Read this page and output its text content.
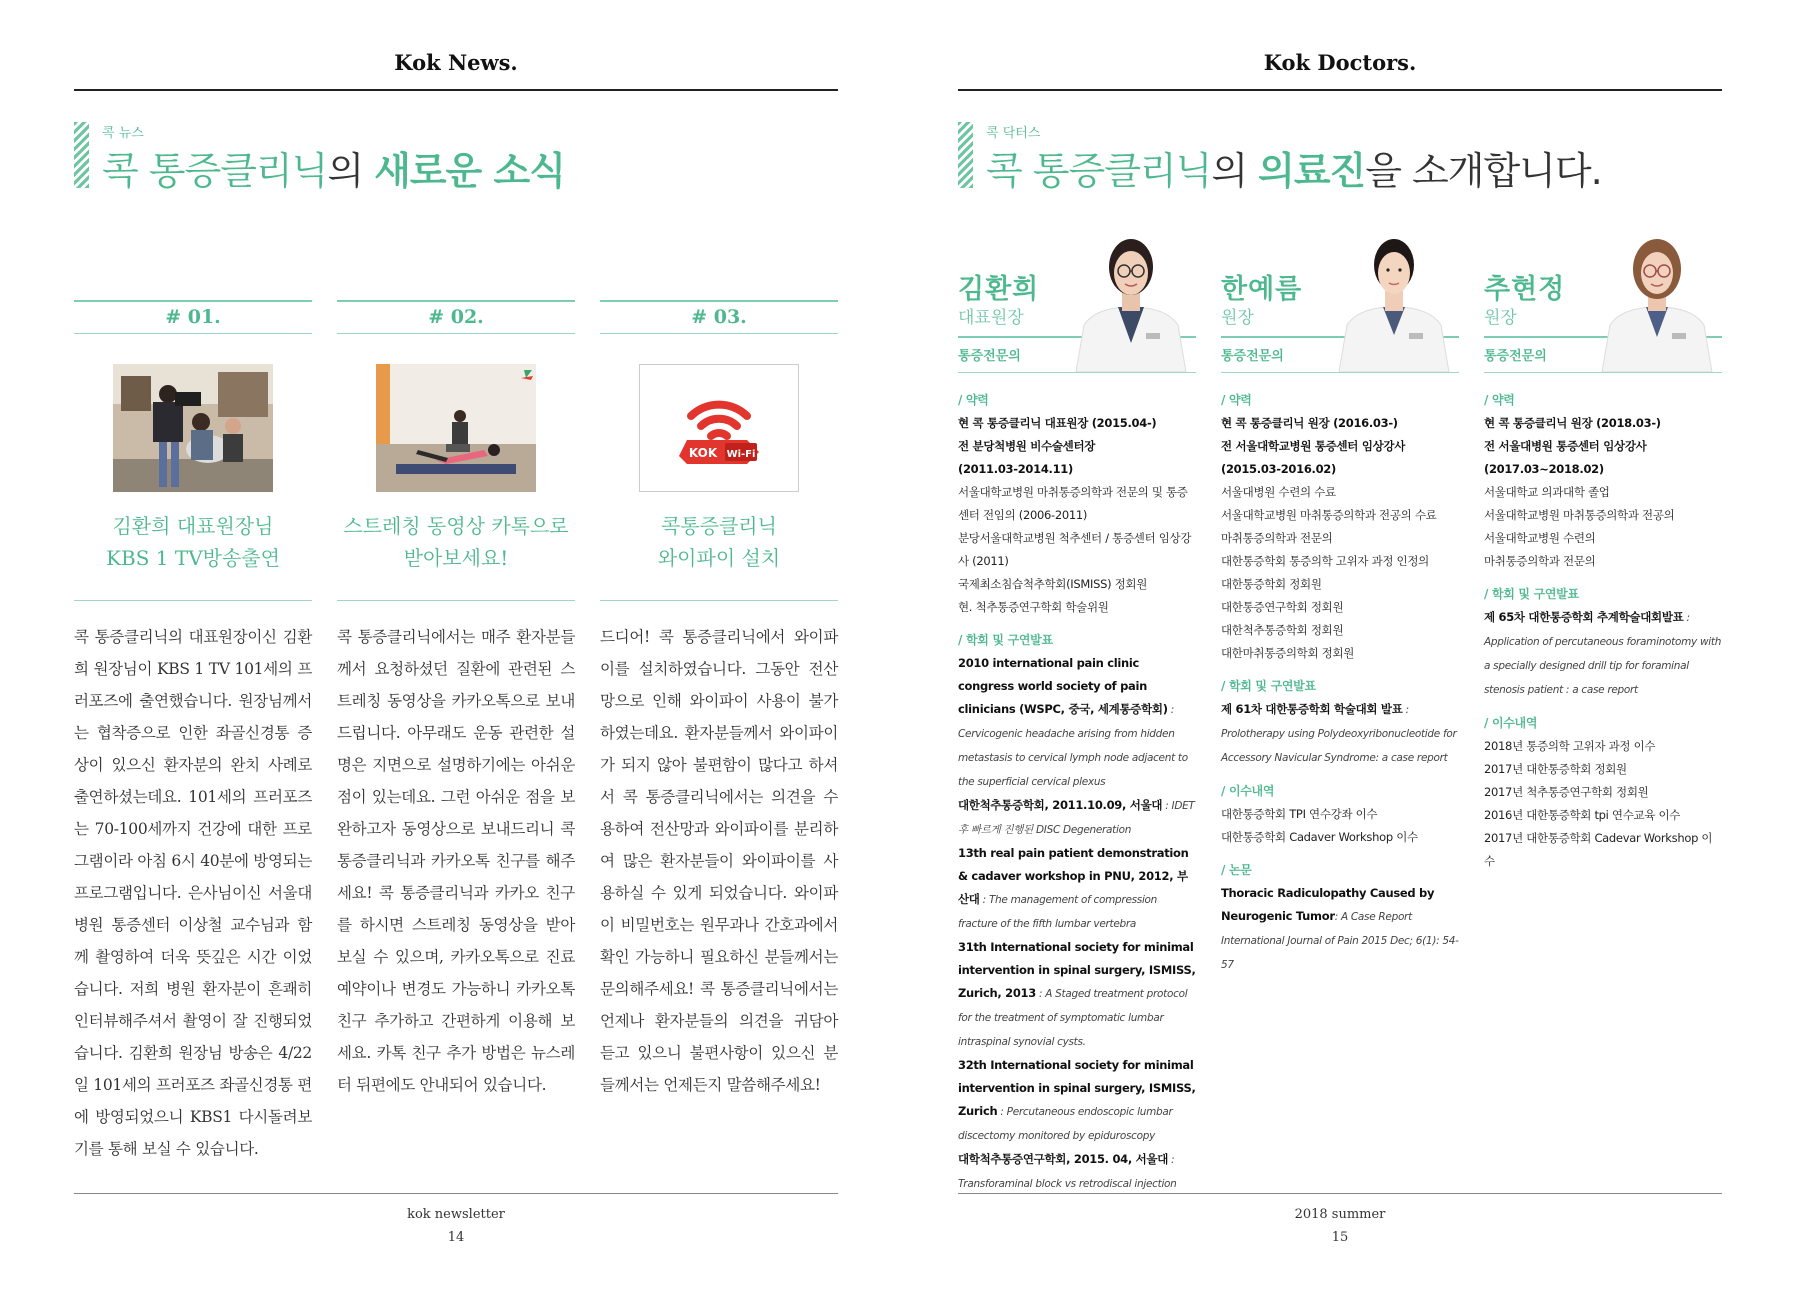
Kok News.
콕 뉴스
콕 통증클리닉의 새로운 소식
# 01.
김환희 대표원장님
KBS 1 TV방송출연
콕 통증클리닉의 대표원장이신 김환희 원장님이 KBS 1 TV 101세의 프러포즈에 출연했습니다. 원장님께서는 협착증으로 인한 좌골신경통 증상이 있으신 환자분의 완치 사례로 출연하셨는데요. 101세의 프러포즈는 70-100세까지 건강에 대한 프로그램이라 아침 6시 40분에 방영되는 프로그램입니다. 은사님이신 서울대병원 통증센터 이상철 교수님과 함께 촬영하여 더욱 뜻깊은 시간 이었습니다. 저희 병원 환자분이 흔쾌히 인터뷰해주셔서 촬영이 잘 진행되었습니다. 김환희 원장님 방송은 4/22일 101세의 프러포즈 좌골신경통 편에 방영되었으니 KBS1 다시돌려보기를 통해 보실 수 있습니다.
# 02.
스트레칭 동영상 카톡으로
받아보세요!
콕 통증클리닉에서는 매주 환자분들께서 요청하셨던 질환에 관련된 스트레칭 동영상을 카카오톡으로 보내드립니다. 아무래도 운동 관련한 설명은 지면으로 설명하기에는 아쉬운 점이 있는데요. 그런 아쉬운 점을 보완하고자 동영상으로 보내드리니 콕 통증클리닉과 카카오톡 친구를 해주세요! 콕 통증클리닉과 카카오 친구를 하시면 스트레칭 동영상을 받아보실 수 있으며, 카카오톡으로 진료 예약이나 변경도 가능하니 카카오톡 친구 추가하고 간편하게 이용해 보세요. 카톡 친구 추가 방법은 뉴스레터 뒤편에도 안내되어 있습니다.
# 03.
KOK Wi-Fi
콕통증클리닉
와이파이 설치
드디어! 콕 통증클리닉에서 와이파이를 설치하였습니다. 그동안 전산망으로 인해 와이파이 사용이 불가하였는데요. 환자분들께서 와이파이가 되지 않아 불편함이 많다고 하셔서 콕 통증클리닉에서는 의견을 수용하여 전산망과 와이파이를 분리하여 많은 환자분들이 와이파이를 사용하실 수 있게 되었습니다. 와이파이 비밀번호는 원무과나 간호과에서 확인 가능하니 필요하신 분들께서는 문의해주세요! 콕 통증클리닉에서는 언제나 환자분들의 의견을 귀담아 듣고 있으니 불편사항이 있으신 분들께서는 언제든지 말씀해주세요!
kok newsletter
14
Kok Doctors.
콕 닥터스
콕 통증클리닉의 의료진을 소개합니다.
김환희
대표원장
통증전문의
/ 약력
현 콕 통증클리닉 대표원장 (2015.04-)
전 분당척병원 비수술센터장
(2011.03-2014.11)
서울대학교병원 마취통증의학과 전문의 및 통증센터 전임의 (2006-2011)
분당서울대학교병원 척추센터 / 통증센터 임상강사 (2011)
국제최소침습척추학회(ISMISS) 정회원
현. 척추통증연구학회 학술위원
/ 학회 및 구연발표
2010 international pain clinic congress world society of pain clinicians (WSPC, 중국, 세계통증학회) : Cervicogenic headache arising from hidden metastasis to cervical lymph node adjacent to the superficial cervical plexus
대한척추통증학회, 2011.10.09, 서울대 : IDET 후 빠르게 진행된 DISC Degeneration
13th real pain patient demonstration & cadaver workshop in PNU, 2012, 부산대 : The management of compression fracture of the fifth lumbar vertebra
31th International society for minimal intervention in spinal surgery, ISMISS, Zurich, 2013 : A Staged treatment protocol for the treatment of symptomatic lumbar intraspinal synovial cysts.
32th International society for minimal intervention in spinal surgery, ISMISS, Zurich : Percutaneous endoscopic lumbar discectomy monitored by epiduroscopy
대학척추통증연구학회, 2015. 04, 서울대 : Transforaminal block vs retrodiscal injection
한예름
원장
통증전문의
/ 약력
현 콕 통증클리닉 원장 (2016.03-)
전 서울대학교병원 통증센터 임상강사
(2015.03-2016.02)
서울대병원 수련의 수료
서울대학교병원 마취통증의학과 전공의 수료
마취통증의학과 전문의
대한통증학회 통증의학 고위자 과정 인정의
대한통증학회 정회원
대한통증연구학회 정회원
대한척추통증학회 정회원
대한마취통증의학회 정회원
/ 학회 및 구연발표
제 61차 대한통증학회 학술대회 발표 : Prolotherapy using Polydeoxyribonucleotide for Accessory Navicular Syndrome: a case report
/ 이수내역
대한통증학회 TPI 연수강좌 이수
대한통증학회 Cadaver Workshop 이수
/ 논문
Thoracic Radiculopathy Caused by Neurogenic Tumor: A Case Report International Journal of Pain 2015 Dec; 6(1): 54-57
추현정
원장
통증전문의
/ 약력
현 콕 통증클리닉 원장 (2018.03-)
전 서울대병원 통증센터 임상강사
(2017.03~2018.02)
서울대학교 의과대학 졸업
서울대학교병원 마취통증의학과 전공의
서울대학교병원 수련의
마취통증의학과 전문의
/ 학회 및 구연발표
제 65차 대한통증학회 추계학술대회발표 : Application of percutaneous foraminotomy with a specially designed drill tip for foraminal stenosis patient : a case report
/ 이수내역
2018년 통증의학 고위자 과정 이수
2017년 대한통증학회 정회원
2017년 척추통증연구학회 정회원
2016년 대한통증학회 tpi 연수교육 이수
2017년 대한통증학회 Cadevar Workshop 이수
2018 summer
15
